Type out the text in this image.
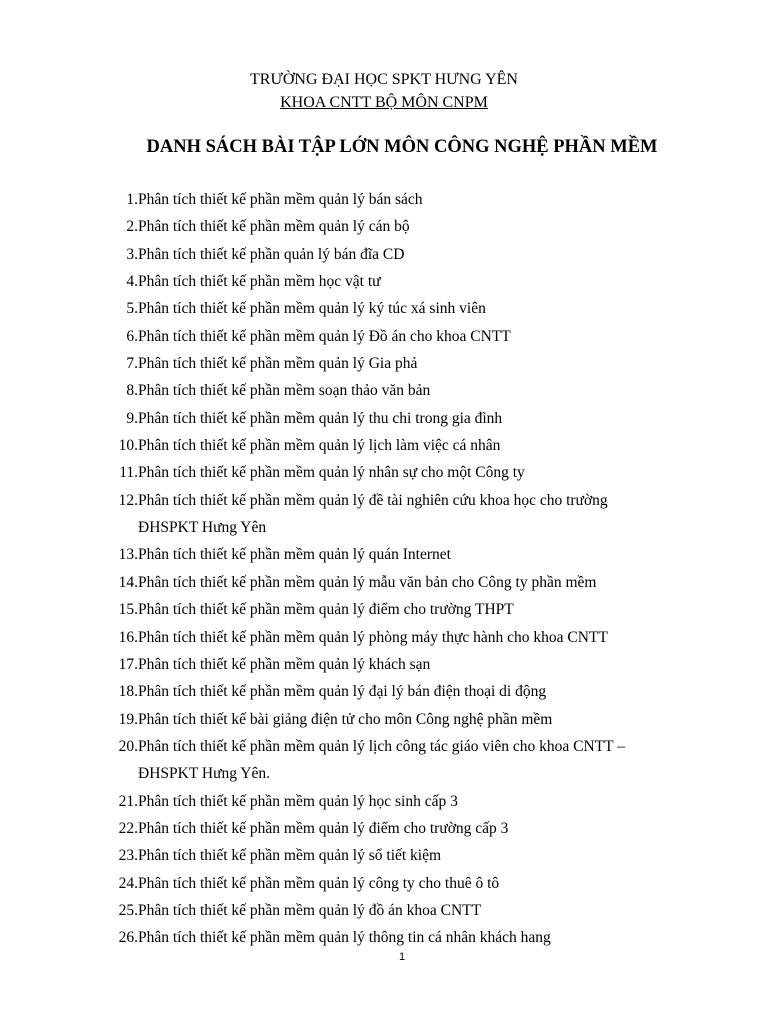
TRƯỜNG ĐẠI HỌC SPKT HƯNG YÊN
KHOA CNTT BỘ MÔN CNPM
DANH SÁCH BÀI TẬP LỚN MÔN CÔNG NGHỆ PHẦN MỀM
1. Phân tích thiết kế phần mềm quản lý bán sách
2. Phân tích thiết kế phần mềm quản lý cán bộ
3. Phân tích thiết kế phần quản lý bán đĩa CD
4. Phân tích thiết kế phần mềm học vật tư
5. Phân tích thiết kế phần mềm quản lý ký túc xá sinh viên
6. Phân tích thiết kế phần mềm quản lý Đồ án cho khoa CNTT
7. Phân tích thiết kế phần mềm quản lý Gia phả
8. Phân tích thiết kế phần mềm soạn thảo văn bản
9. Phân tích thiết kế phần mềm quản lý thu chi trong gia đình
10. Phân tích thiết kế phần mềm quản lý lịch làm việc cá nhân
11. Phân tích thiết kế phần mềm quản lý nhân sự cho một Công ty
12. Phân tích thiết kế phần mềm quản lý đề tài nghiên cứu khoa học cho trường ĐHSPKT Hưng Yên
13. Phân tích thiết kế phần mềm quản lý quán Internet
14. Phân tích thiết kế phần mềm quản lý mẫu văn bản cho Công ty phần mềm
15. Phân tích thiết kế phần mềm quản lý điểm cho trường THPT
16. Phân tích thiết kế phần mềm quản lý phòng máy thực hành cho khoa CNTT
17. Phân tích thiết kế phần mềm quản lý khách sạn
18. Phân tích thiết kế phần mềm quản lý đại lý bán điện thoại di động
19. Phân tích thiết kế bài giảng điện tử cho môn Công nghệ phần mềm
20. Phân tích thiết kế phần mềm quản lý lịch công tác giáo viên cho khoa CNTT – ĐHSPKT Hưng Yên.
21. Phân tích thiết kế phần mềm quản lý học sinh cấp 3
22. Phân tích thiết kế phần mềm quản lý điểm cho trường cấp 3
23. Phân tích thiết kế phần mềm quản lý sổ tiết kiệm
24. Phân tích thiết kế phần mềm quản lý công ty cho thuê ô tô
25. Phân tích thiết kế phần mềm quản lý đồ án khoa CNTT
26. Phân tích thiết kế phần mềm quản lý thông tin cá nhân khách hang
1
